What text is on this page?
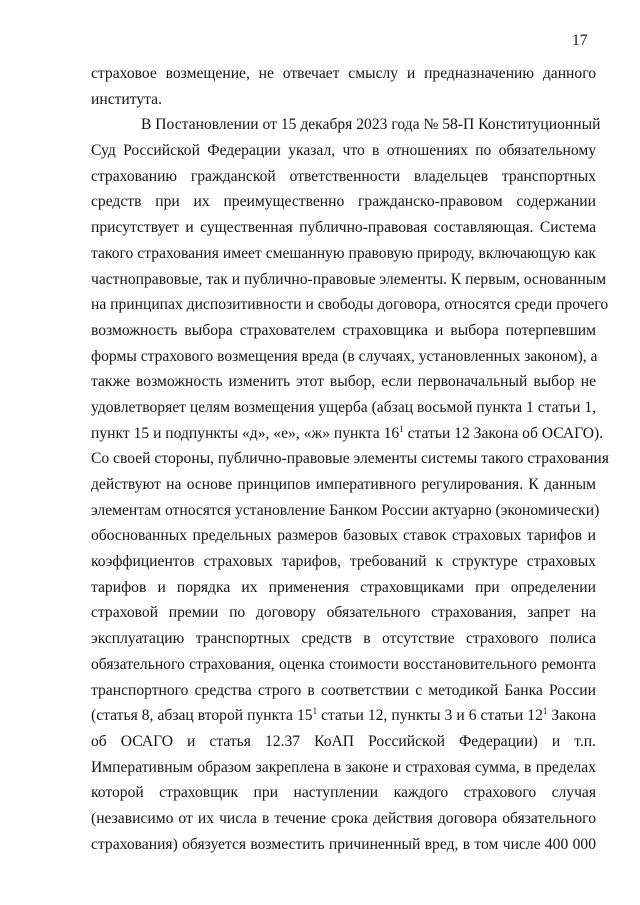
17
страховое возмещение, не отвечает смыслу и предназначению данного
института.
В Постановлении от 15 декабря 2023 года № 58-П Конституционный
Суд Российской Федерации указал, что в отношениях по обязательному
страхованию гражданской ответственности владельцев транспортных
средств при их преимущественно гражданско-правовом содержании
присутствует и существенная публично-правовая составляющая. Система
такого страхования имеет смешанную правовую природу, включающую как
частноправовые, так и публично-правовые элементы. К первым, основанным
на принципах диспозитивности и свободы договора, относятся среди прочего
возможность выбора страхователем страховщика и выбора потерпевшим
формы страхового возмещения вреда (в случаях, установленных законом), а
также возможность изменить этот выбор, если первоначальный выбор не
удовлетворяет целям возмещения ущерба (абзац восьмой пункта 1 статьи 1,
пункт 15 и подпункты «д», «е», «ж» пункта $16^1$ статьи 12 Закона об ОСАГО).
Со своей стороны, публично-правовые элементы системы такого страхования
действуют на основе принципов императивного регулирования. К данным
элементам относятся установление Банком России актуарно (экономически)
обоснованных предельных размеров базовых ставок страховых тарифов и
коэффициентов страховых тарифов, требований к структуре страховых
тарифов и порядка их применения страховщиками при определении
страховой премии по договору обязательного страхования, запрет на
эксплуатацию транспортных средств в отсутствие страхового полиса
обязательного страхования, оценка стоимости восстановительного ремонта
транспортного средства строго в соответствии с методикой Банка России
(статья 8, абзац второй пункта $15^1$ статьи 12, пункты 3 и 6 статьи $12^1$ Закона
об ОСАГО и статья 12.37 КоАП Российской Федерации) и т.п.
Императивным образом закреплена в законе и страховая сумма, в пределах
которой страховщик при наступлении каждого страхового случая
(независимо от их числа в течение срока действия договора обязательного
страхования) обязуется возместить причиненный вред, в том числе 400 000
